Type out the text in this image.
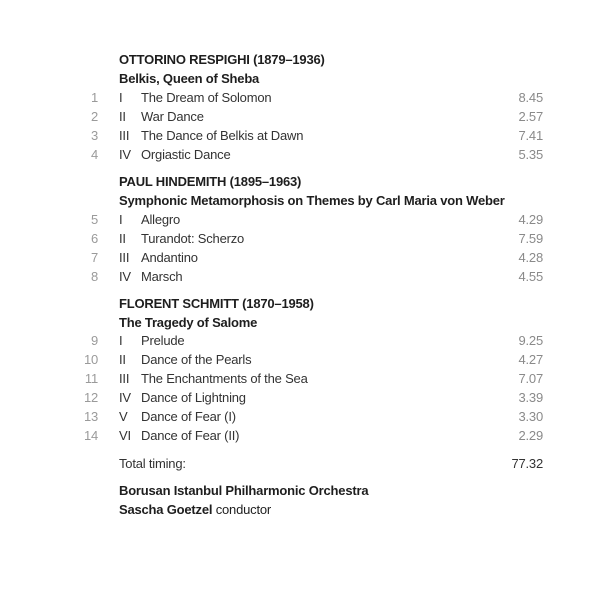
OTTORINO RESPIGHI (1879–1936)
Belkis, Queen of Sheba
1 I The Dream of Solomon	8.45
2 II War Dance	2.57
3 III The Dance of Belkis at Dawn	7.41
4 IV Orgiastic Dance	5.35
PAUL HINDEMITH (1895–1963)
Symphonic Metamorphosis on Themes by Carl Maria von Weber
5 I Allegro	4.29
6 II Turandot: Scherzo	7.59
7 III Andantino	4.28
8 IV Marsch	4.55
FLORENT SCHMITT (1870–1958)
The Tragedy of Salome
9 I Prelude	9.25
10 II Dance of the Pearls	4.27
11 III The Enchantments of the Sea	7.07
12 IV Dance of Lightning	3.39
13 V Dance of Fear (I)	3.30
14 VI Dance of Fear (II)	2.29
Total timing:	77.32
Borusan Istanbul Philharmonic Orchestra
Sascha Goetzel conductor
